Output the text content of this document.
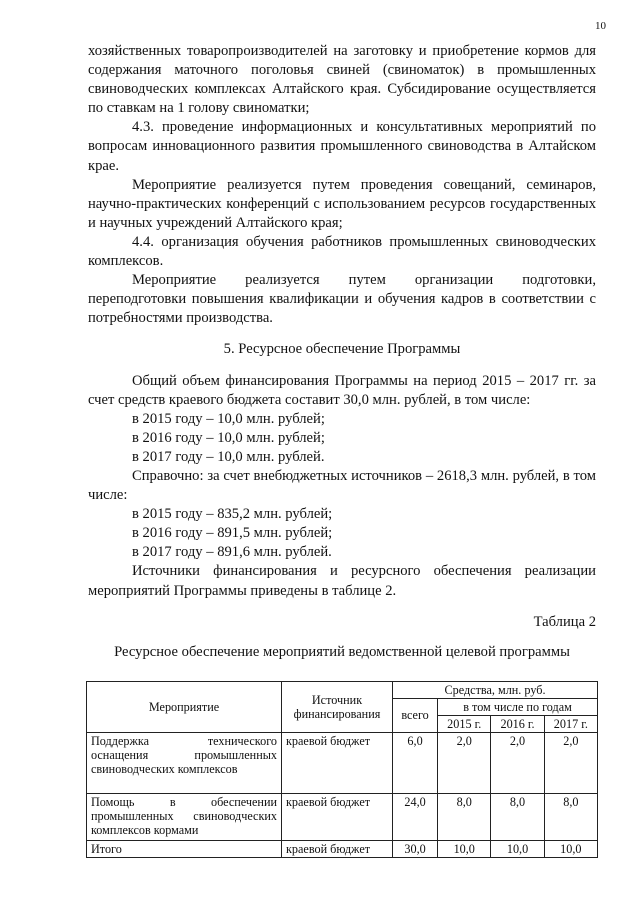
10

хозяйственных товаропроизводителей на заготовку и приобретение кормов для содержания маточного поголовья свиней (свиноматок) в промышленных свиноводческих комплексах Алтайского края. Субсидирование осуществляется по ставкам на 1 голову свиноматки;

4.3. проведение информационных и консультативных мероприятий по вопросам инновационного развития промышленного свиноводства в Алтайском крае.

Мероприятие реализуется путем проведения совещаний, семинаров, научно-практических конференций с использованием ресурсов государственных и научных учреждений Алтайского края;

4.4. организация обучения работников промышленных свиноводческих комплексов.

Мероприятие реализуется путем организации подготовки, переподготовки повышения квалификации и обучения кадров в соответствии с потребностями производства.

5. Ресурсное обеспечение Программы

Общий объем финансирования Программы на период 2015 – 2017 гг. за счет средств краевого бюджета составит 30,0 млн. рублей, в том числе:

в 2015 году – 10,0 млн. рублей;

в 2016 году – 10,0 млн. рублей;

в 2017 году – 10,0 млн. рублей.

Справочно: за счет внебюджетных источников – 2618,3 млн. рублей, в том числе:

в 2015 году – 835,2 млн. рублей;

в 2016 году – 891,5 млн. рублей;

в 2017 году – 891,6 млн. рублей.

Источники финансирования и ресурсного обеспечения реализации мероприятий Программы приведены в таблице 2.

Таблица 2

Ресурсное обеспечение мероприятий ведомственной целевой программы

Мероприятие	Источник финансирования	Средства, млн. руб.			
		всего	в том числе по годам		
			2015 г.	2016 г.	2017 г.
Поддержка технического оснащения промышленных свиноводческих комплексов	краевой бюджет	6,0	2,0	2,0	2,0
Помощь в обеспечении промышленных свиноводческих комплексов кормами	краевой бюджет	24,0	8,0	8,0	8,0
Итого	краевой бюджет	30,0	10,0	10,0	10,0
